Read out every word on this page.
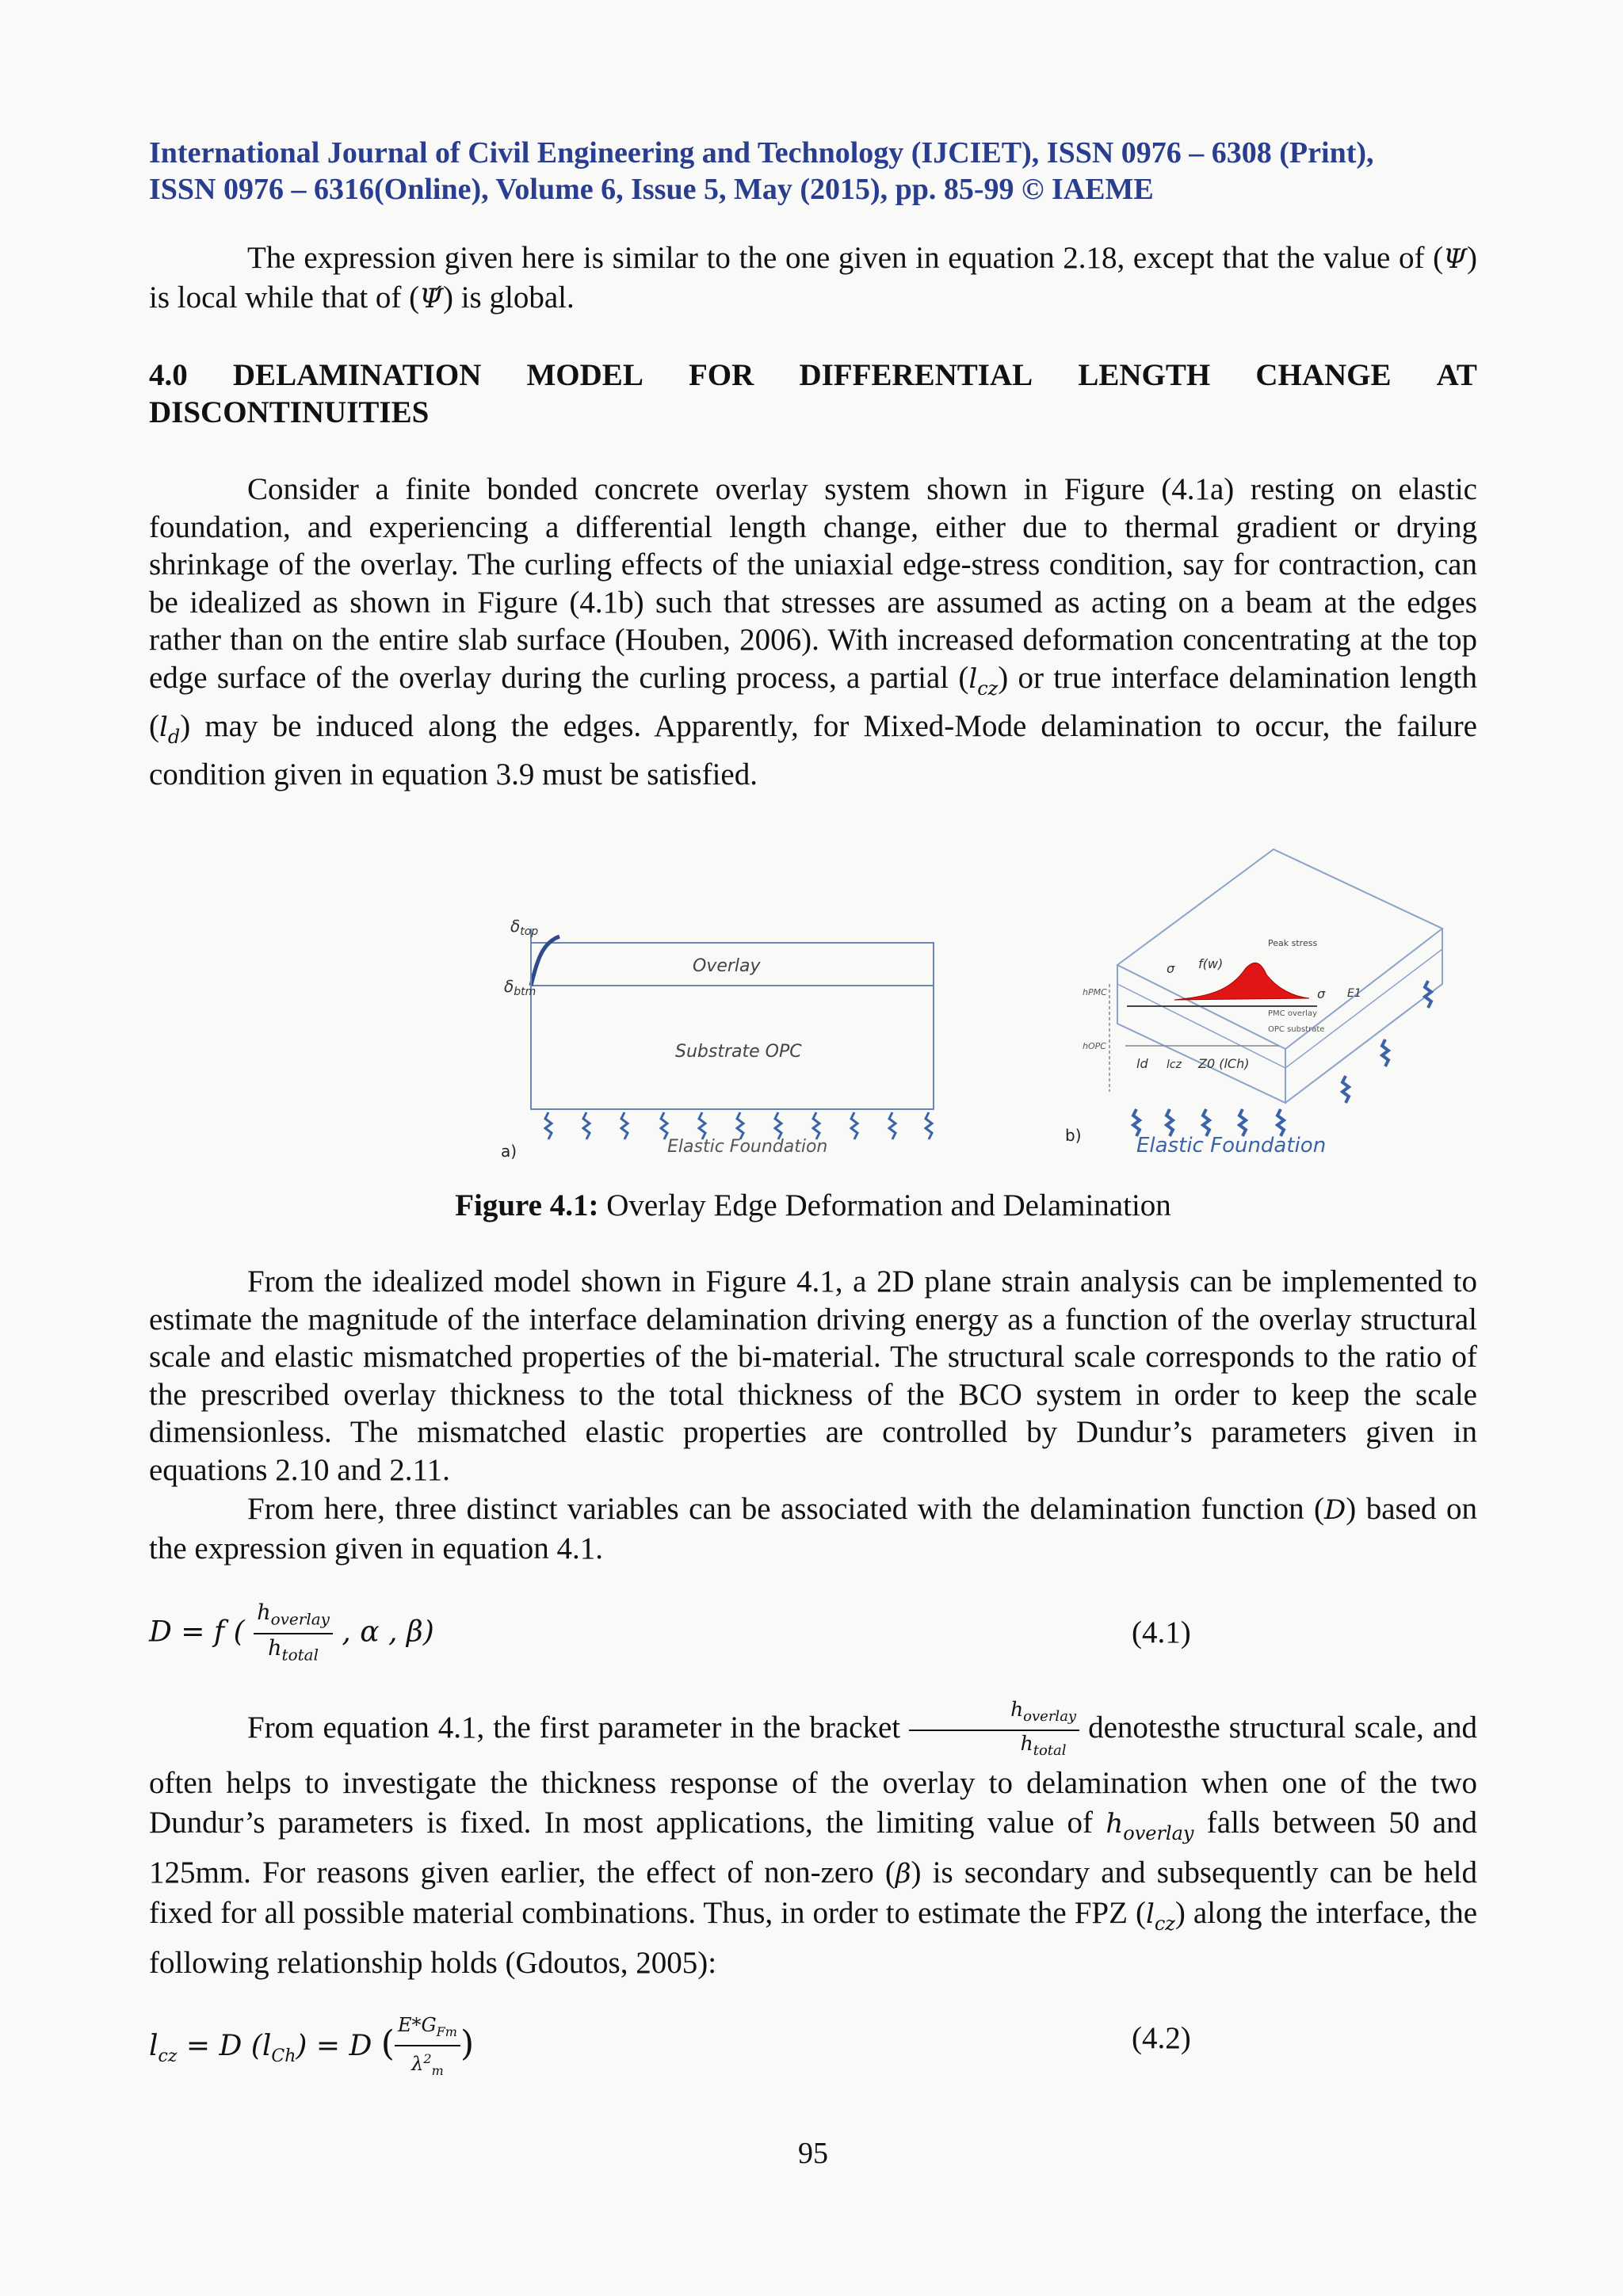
International Journal of Civil Engineering and Technology (IJCIET), ISSN 0976 – 6308 (Print),
ISSN 0976 – 6316(Online), Volume 6, Issue 5, May (2015), pp. 85-99 © IAEME
The expression given here is similar to the one given in equation 2.18, except that the value of (Ψ) is local while that of (Ψ́) is global.
4.0 DELAMINATION MODEL FOR DIFFERENTIAL LENGTH CHANGE AT
DISCONTINUITIES
Consider a finite bonded concrete overlay system shown in Figure (4.1a) resting on elastic foundation, and experiencing a differential length change, either due to thermal gradient or drying shrinkage of the overlay. The curling effects of the uniaxial edge-stress condition, say for contraction, can be idealized as shown in Figure (4.1b) such that stresses are assumed as acting on a beam at the edges rather than on the entire slab surface (Houben, 2006). With increased deformation concentrating at the top edge surface of the overlay during the curling process, a partial $(l_{cz})$ or true interface delamination length $(l_d)$ may be induced along the edges. Apparently, for Mixed-Mode delamination to occur, the failure condition given in equation 3.9 must be satisfied.
$\delta_{top}$
$\delta_{btm}$
Overlay
Substrate OPC
Elastic Foundation
a)
Peak stress
f(w)
σ
σ E1
PMC overlay
OPC substrate
hPMC
hOPC
ld lcz Z0 (lCh)
Elastic Foundation
b)
Figure 4.1: Overlay Edge Deformation and Delamination
From the idealized model shown in Figure 4.1, a 2D plane strain analysis can be implemented to estimate the magnitude of the interface delamination driving energy as a function of the overlay structural scale and elastic mismatched properties of the bi-material. The structural scale corresponds to the ratio of the prescribed overlay thickness to the total thickness of the BCO system in order to keep the scale dimensionless. The mismatched elastic properties are controlled by Dundur’s parameters given in equations 2.10 and 2.11.
From here, three distinct variables can be associated with the delamination function (D) based on the expression given in equation 4.1.
D = f ( $\frac{h_{overlay}}{h_{total}}$ , α , β)	(4.1)
From equation 4.1, the first parameter in the bracket $\frac{h_{overlay}}{h_{total}}$ denotesthe structural scale, and often helps to investigate the thickness response of the overlay to delamination when one of the two Dundur’s parameters is fixed. In most applications, the limiting value of $h_{overlay}$ falls between 50 and 125mm. For reasons given earlier, the effect of non-zero (β) is secondary and subsequently can be held fixed for all possible material combinations. Thus, in order to estimate the FPZ $(l_{cz})$ along the interface, the following relationship holds (Gdoutos, 2005):
$l_{cz} = D$ $(l_{Ch}) = D$ ( $\frac{E*G_{Fm}}{\lambda^2_m}$ )	(4.2)
95
